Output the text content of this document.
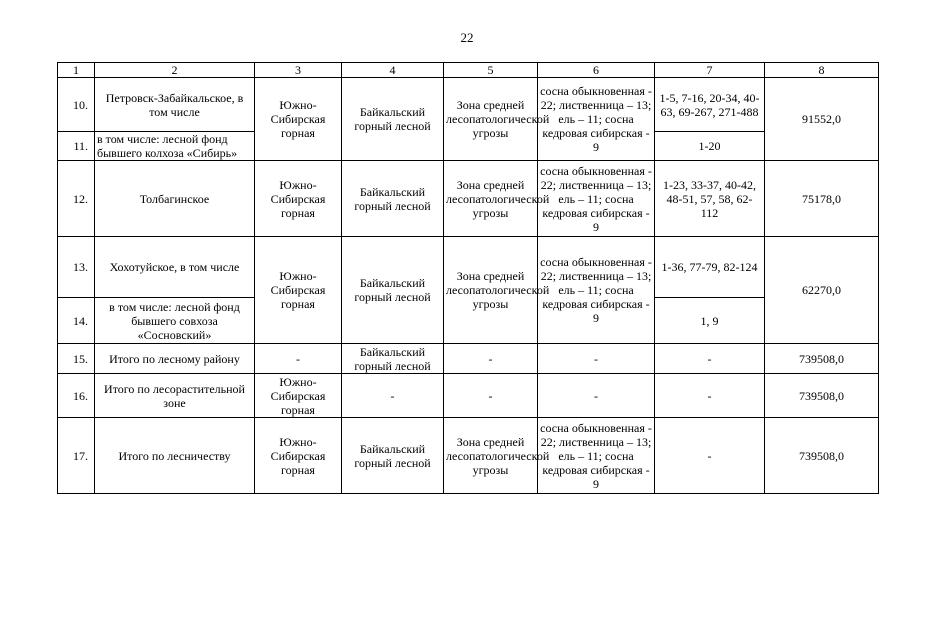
22
1	2	3	4	5	6	7	8
10.	Петровск-Забайкальское, в том числе	Южно-Сибирская горная	Байкальский горный лесной	Зона средней лесопатологической угрозы	сосна обыкновенная - 22; лиственница – 13; ель – 11; сосна кедровая сибирская - 9	1-5, 7-16, 20-34, 40-63, 69-267, 271-488	91552,0
11.	в том числе: лесной фонд бывшего колхоза «Сибирь»					1-20	
12.	Толбагинское	Южно-Сибирская горная	Байкальский горный лесной	Зона средней лесопатологической угрозы	сосна обыкновенная - 22; лиственница – 13; ель – 11; сосна кедровая сибирская - 9	1-23, 33-37, 40-42, 48-51, 57, 58, 62-112	75178,0
13.	Хохотуйское, в том числе	Южно-Сибирская горная	Байкальский горный лесной	Зона средней лесопатологической угрозы	сосна обыкновенная - 22; лиственница – 13; ель – 11; сосна кедровая сибирская - 9	1-36, 77-79, 82-124	62270,0
14.	в том числе: лесной фонд бывшего совхоза «Сосновский»					1, 9	
15.	Итого по лесному району	-	Байкальский горный лесной	-	-	-	739508,0
16.	Итого по лесорастительной зоне	Южно-Сибирская горная	-	-	-	-	739508,0
17.	Итого по лесничеству	Южно-Сибирская горная	Байкальский горный лесной	Зона средней лесопатологической угрозы	сосна обыкновенная - 22; лиственница – 13; ель – 11; сосна кедровая сибирская - 9	-	739508,0
